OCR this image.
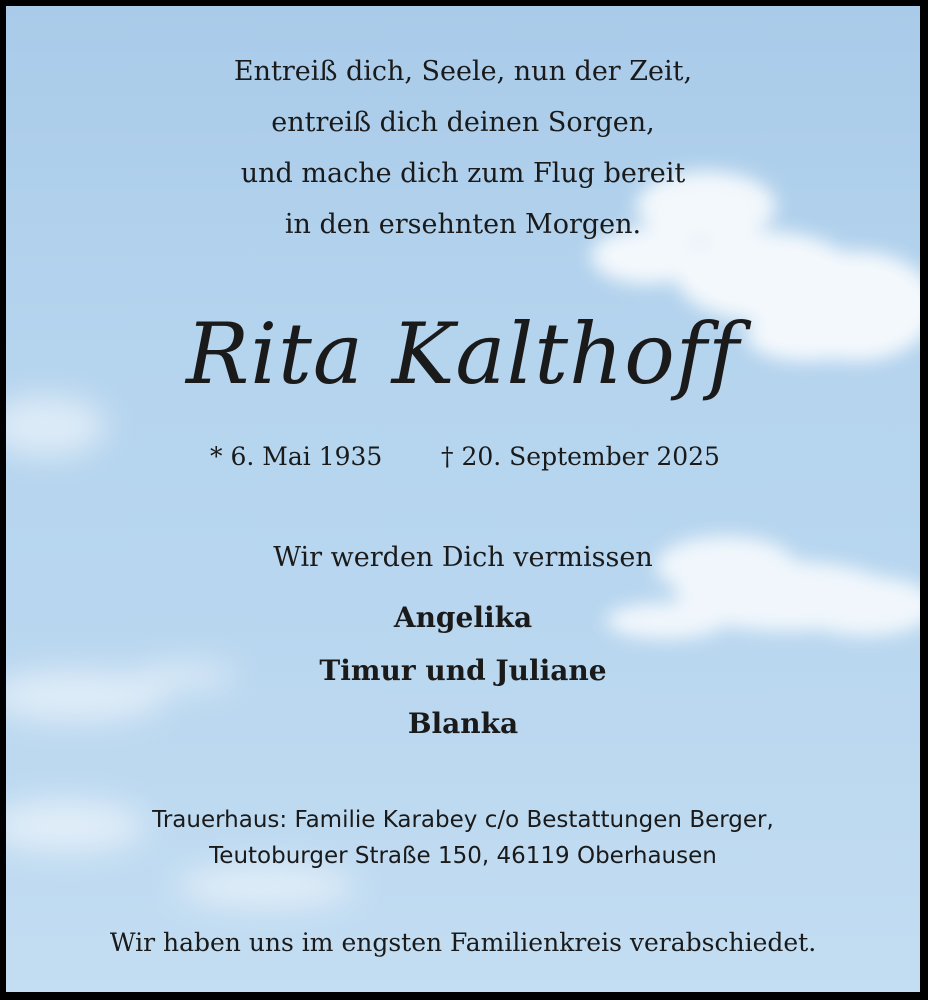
Entreiß dich, Seele, nun der Zeit,
entreiß dich deinen Sorgen,
und mache dich zum Flug bereit
in den ersehnten Morgen.
Rita Kalthoff
* 6. Mai 1935 † 20. September 2025
Wir werden Dich vermissen
Angelika
Timur und Juliane
Blanka
Trauerhaus: Familie Karabey c/o Bestattungen Berger,
Teutoburger Straße 150, 46119 Oberhausen
Wir haben uns im engsten Familienkreis verabschiedet.
